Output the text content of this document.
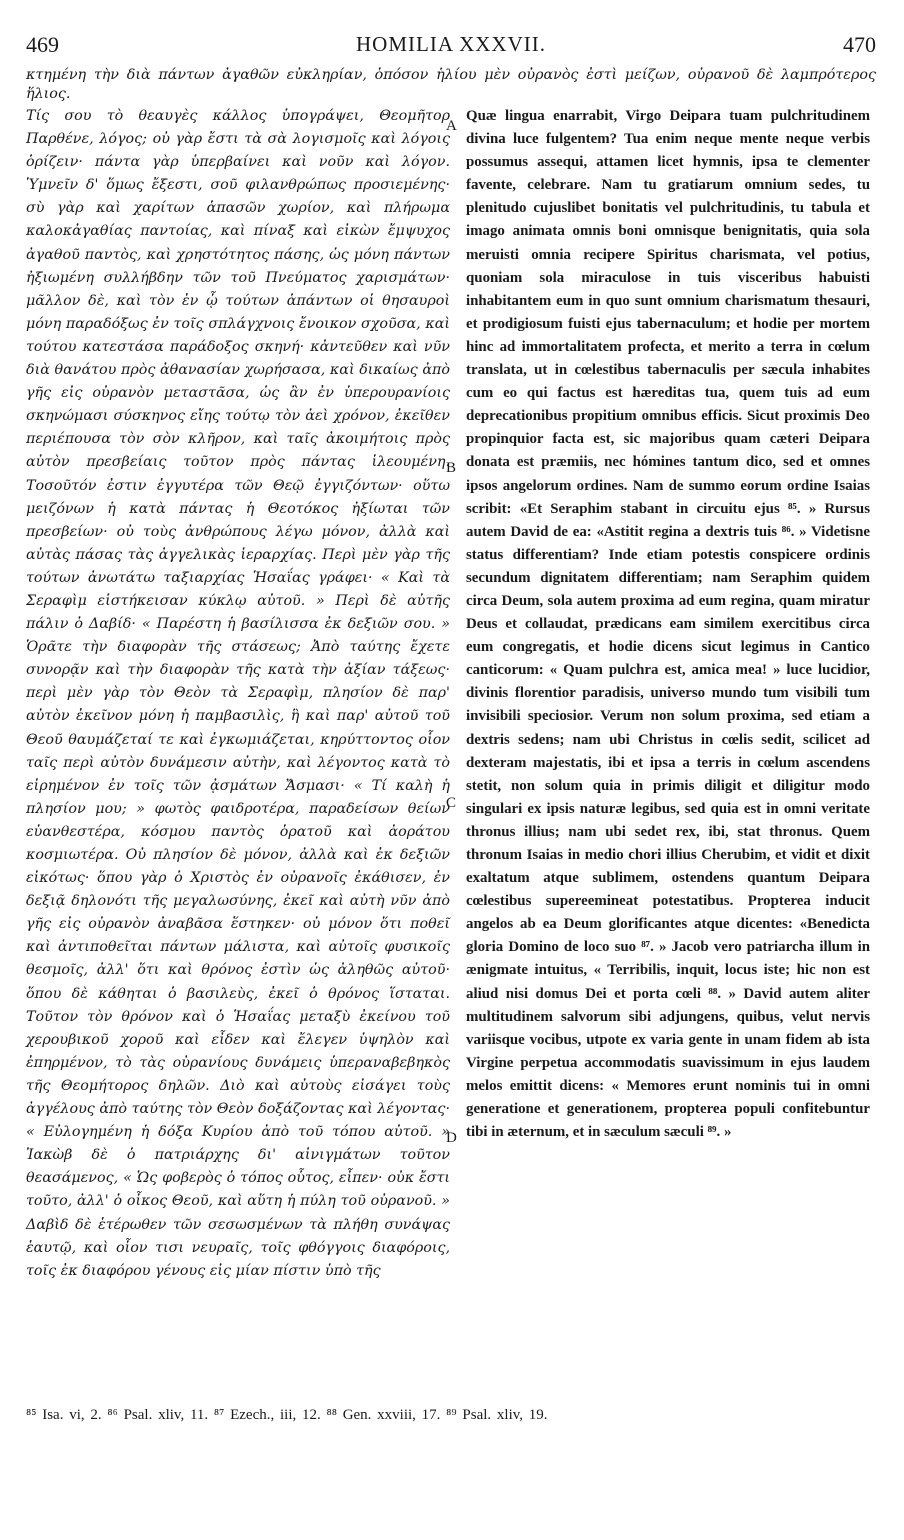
469	HOMILIA XXXVII.	470

κτημένη τὴν διὰ πάντων ἀγαθῶν εὐκληρίαν, ὁπόσον ἡλίου μὲν οὐρανὸς ἐστὶ μείζων, οὐρανοῦ δὲ λαμπρότερος ἥλιος.

Τίς σου τὸ θεαυγὲς κάλλος ὑπογράψει, Θεομῆτορ Παρθένε, λόγος; οὐ γὰρ ἔστι τὰ σὰ λογισμοῖς καὶ λόγοις ὁρίζειν· πάντα γὰρ ὑπερβαίνει καὶ νοῦν καὶ λόγον. Ὑμνεῖν δ' ὅμως ἔξεστι, σοῦ φιλανθρώπως προσιεμένης· σὺ γὰρ καὶ χαρίτων ἁπασῶν χωρίον, καὶ πλήρωμα καλοκἀγαθίας παντοίας, καὶ πίναξ καὶ εἰκὼν ἔμψυχος ἀγαθοῦ παντὸς, καὶ χρηστότητος πάσης, ὡς μόνη πάντων ἠξιωμένη συλλήβδην τῶν τοῦ Πνεύματος χαρισμάτων· μᾶλλον δὲ, καὶ τὸν ἐν ᾧ τούτων ἁπάντων οἱ θησαυροὶ μόνη παραδόξως ἐν τοῖς σπλάγχνοις ἔνοικον σχοῦσα, καὶ τούτου κατεστάσα παράδοξος σκηνή· κἀντεῦθεν καὶ νῦν διὰ θανάτου πρὸς ἀθανασίαν χωρήσασα, καὶ δικαίως ἀπὸ γῆς εἰς οὐρανὸν μεταστᾶσα, ὡς ἂν ἐν ὑπερουρανίοις σκηνώμασι σύσκηνος εἴης τούτῳ τὸν ἀεὶ χρόνον, ἐκεῖθεν περιέπουσα τὸν σὸν κλῆρον, καὶ ταῖς ἀκοιμήτοις πρὸς αὐτὸν πρεσβείαις τοῦτον πρὸς πάντας ἱλεουμένη. Τοσοῦτόν ἐστιν ἐγγυτέρα τῶν Θεῷ ἐγγιζόντων· οὕτω μειζόνων ἡ κατὰ πάντας ἡ Θεοτόκος ἠξίωται τῶν πρεσβείων· οὐ τοὺς ἀνθρώπους λέγω μόνον, ἀλλὰ καὶ αὐτὰς πάσας τὰς ἀγγελικὰς ἱεραρχίας. Περὶ μὲν γὰρ τῆς τούτων ἀνωτάτω ταξιαρχίας Ἡσαΐας γράφει· « Καὶ τὰ Σεραφὶμ εἱστήκεισαν κύκλῳ αὐτοῦ. » Περὶ δὲ αὐτῆς πάλιν ὁ Δαβίδ· « Παρέστη ἡ βασίλισσα ἐκ δεξιῶν σου. » Ὁρᾶτε τὴν διαφορὰν τῆς στάσεως; Ἀπὸ ταύτης ἔχετε συνορᾷν καὶ τὴν διαφορὰν τῆς κατὰ τὴν ἀξίαν τάξεως· περὶ μὲν γὰρ τὸν Θεὸν τὰ Σεραφὶμ, πλησίον δὲ παρ' αὐτὸν ἐκεῖνον μόνη ἡ παμβασιλὶς, ἣ καὶ παρ' αὐτοῦ τοῦ Θεοῦ θαυμάζεταί τε καὶ ἐγκωμιάζεται, κηρύττοντος οἷον ταῖς περὶ αὐτὸν δυνάμεσιν αὐτὴν, καὶ λέγοντος κατὰ τὸ εἰρημένον ἐν τοῖς τῶν ᾀσμάτων Ἄσμασι· « Τί καλὴ ἡ πλησίον μου; » φωτὸς φαιδροτέρα, παραδείσων θείων εὐανθεστέρα, κόσμου παντὸς ὁρατοῦ καὶ ἀοράτου κοσμιωτέρα. Οὐ πλησίον δὲ μόνον, ἀλλὰ καὶ ἐκ δεξιῶν εἰκότως· ὅπου γὰρ ὁ Χριστὸς ἐν οὐρανοῖς ἐκάθισεν, ἐν δεξιᾷ δηλονότι τῆς μεγαλωσύνης, ἐκεῖ καὶ αὐτὴ νῦν ἀπὸ γῆς εἰς οὐρανὸν ἀναβᾶσα ἕστηκεν· οὐ μόνον ὅτι ποθεῖ καὶ ἀντιποθεῖται πάντων μάλιστα, καὶ αὐτοῖς φυσικοῖς θεσμοῖς, ἀλλ' ὅτι καὶ θρόνος ἐστὶν ὡς ἀληθῶς αὐτοῦ· ὅπου δὲ κάθηται ὁ βασιλεὺς, ἐκεῖ ὁ θρόνος ἵσταται. Τοῦτον τὸν θρόνον καὶ ὁ Ἡσαΐας μεταξὺ ἐκείνου τοῦ χερουβικοῦ χοροῦ καὶ εἶδεν καὶ ἔλεγεν ὑψηλὸν καὶ ἐπηρμένον, τὸ τὰς οὐρανίους δυνάμεις ὑπεραναβεβηκὸς τῆς Θεομήτορος δηλῶν. Διὸ καὶ αὐτοὺς εἰσάγει τοὺς ἀγγέλους ἀπὸ ταύτης τὸν Θεὸν δοξάζοντας καὶ λέγοντας· « Εὐλογημένη ἡ δόξα Κυρίου ἀπὸ τοῦ τόπου αὐτοῦ. » Ἰακὼβ δὲ ὁ πατριάρχης δι' αἰνιγμάτων τοῦτον θεασάμενος, « Ὡς φοβερὸς ὁ τόπος οὗτος, εἶπεν· οὐκ ἔστι τοῦτο, ἀλλ' ὁ οἶκος Θεοῦ, καὶ αὕτη ἡ πύλη τοῦ οὐρανοῦ. » Δαβὶδ δὲ ἑτέρωθεν τῶν σεσωσμένων τὰ πλήθη συνάψας ἑαυτῷ, καὶ οἷον τισι νευραῖς, τοῖς φθόγγοις διαφόροις, τοῖς ἐκ διαφόρου γένους εἰς μίαν πίστιν ὑπὸ τῆς

A
B
C
D

Quæ lingua enarrabit, Virgo Deipara tuam pulchritudinem divina luce fulgentem? Tua enim neque mente neque verbis possumus assequi, attamen licet hymnis, ipsa te clementer favente, celebrare. Nam tu gratiarum omnium sedes, tu plenitudo cujuslibet bonitatis vel pulchritudinis, tu tabula et imago animata omnis boni omnisque benignitatis, quia sola meruisti omnia recipere Spiritus charismata, vel potius, quoniam sola miraculose in tuis visceribus habuisti inhabitantem eum in quo sunt omnium charismatum thesauri, et prodigiosum fuisti ejus tabernaculum; et hodie per mortem hinc ad immortalitatem profecta, et merito a terra in cœlum translata, ut in cœlestibus tabernaculis per sæcula inhabites cum eo qui factus est hæreditas tua, quem tuis ad eum deprecationibus propitium omnibus efficis. Sicut proximis Deo propinquior facta est, sic majoribus quam cæteri Deipara donata est præmiis, nec hómines tantum dico, sed et omnes ipsos angelorum ordines. Nam de summo eorum ordine Isaias scribit: «Et Seraphim stabant in circuitu ejus ⁸⁵. » Rursus autem David de ea: «Astitit regina a dextris tuis ⁸⁶. » Videtisne status differentiam? Inde etiam potestis conspicere ordinis secundum dignitatem differentiam; nam Seraphim quidem circa Deum, sola autem proxima ad eum regina, quam miratur Deus et collaudat, prædicans eam similem exercitibus circa eum congregatis, et hodie dicens sicut legimus in Cantico canticorum: « Quam pulchra est, amica mea! » luce lucidior, divinis florentior paradisis, universo mundo tum visibili tum invisibili speciosior. Verum non solum proxima, sed etiam a dextris sedens; nam ubi Christus in cœlis sedit, scilicet ad dexteram majestatis, ibi et ipsa a terris in cœlum ascendens stetit, non solum quia in primis diligit et diligitur modo singulari ex ipsis naturæ legibus, sed quia est in omni veritate thronus illius; nam ubi sedet rex, ibi, stat thronus. Quem thronum Isaias in medio chori illius Cherubim, et vidit et dixit exaltatum atque sublimem, ostendens quantum Deipara cœlestibus supereemineat potestatibus. Propterea inducit angelos ab ea Deum glorificantes atque dicentes: «Benedicta gloria Domino de loco suo ⁸⁷. » Jacob vero patriarcha illum in ænigmate intuitus, « Terribilis, inquit, locus iste; hic non est aliud nisi domus Dei et porta cœli ⁸⁸. » David autem aliter multitudinem salvorum sibi adjungens, quibus, velut nervis variisque vocibus, utpote ex varia gente in unam fidem ab ista Virgine perpetua accommodatis suavissimum in ejus laudem melos emittit dicens: « Memores erunt nominis tui in omni generatione et generationem, propterea populi confitebuntur tibi in æternum, et in sæculum sæculi ⁸⁹. »

⁸⁵ Isa. vi, 2. ⁸⁶ Psal. xliv, 11. ⁸⁷ Ezech., iii, 12. ⁸⁸ Gen. xxviii, 17. ⁸⁹ Psal. xliv, 19.
